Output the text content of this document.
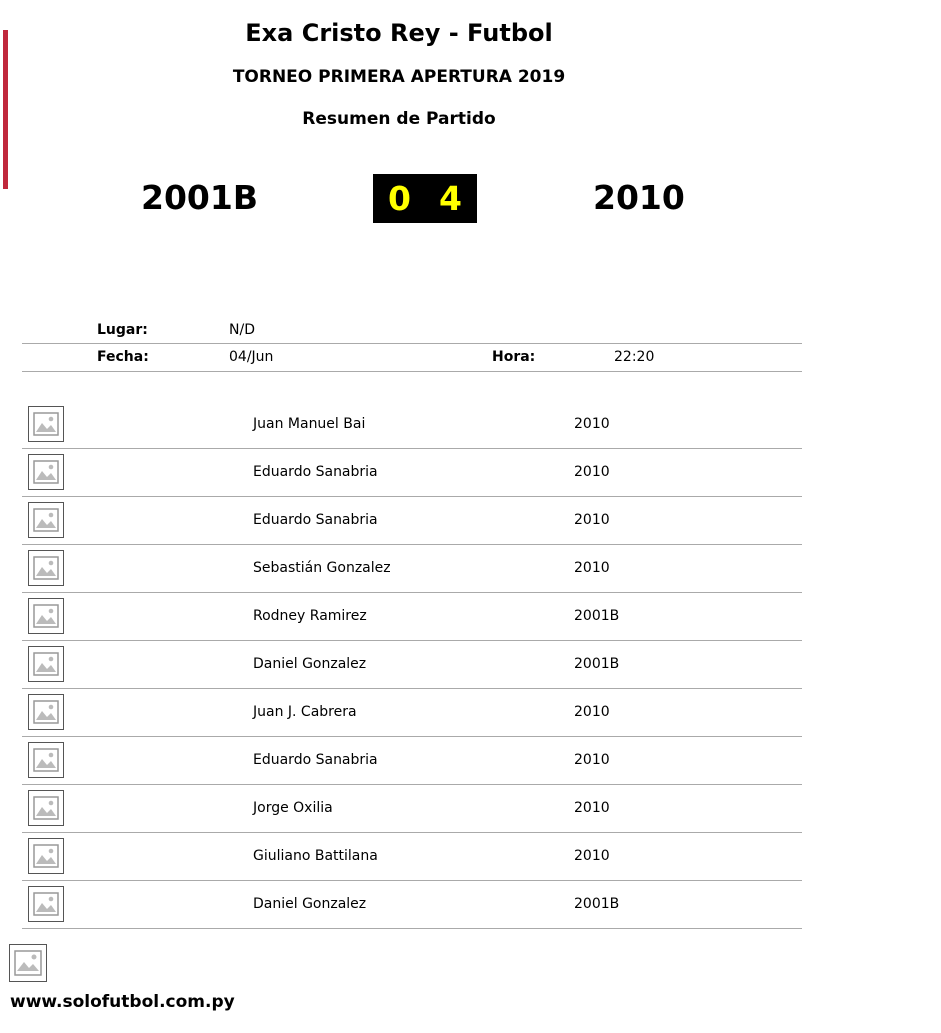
Exa Cristo Rey - Futbol
TORNEO PRIMERA APERTURA 2019
Resumen de Partido
2001B	0 4	2010
Lugar:	N/D
Fecha:	04/Jun	Hora:	22:20
Juan Manuel Bai	2010
Eduardo Sanabria	2010
Eduardo Sanabria	2010
Sebastián Gonzalez	2010
Rodney Ramirez	2001B
Daniel Gonzalez	2001B
Juan J. Cabrera	2010
Eduardo Sanabria	2010
Jorge Oxilia	2010
Giuliano Battilana	2010
Daniel Gonzalez	2001B
www.solofutbol.com.py
